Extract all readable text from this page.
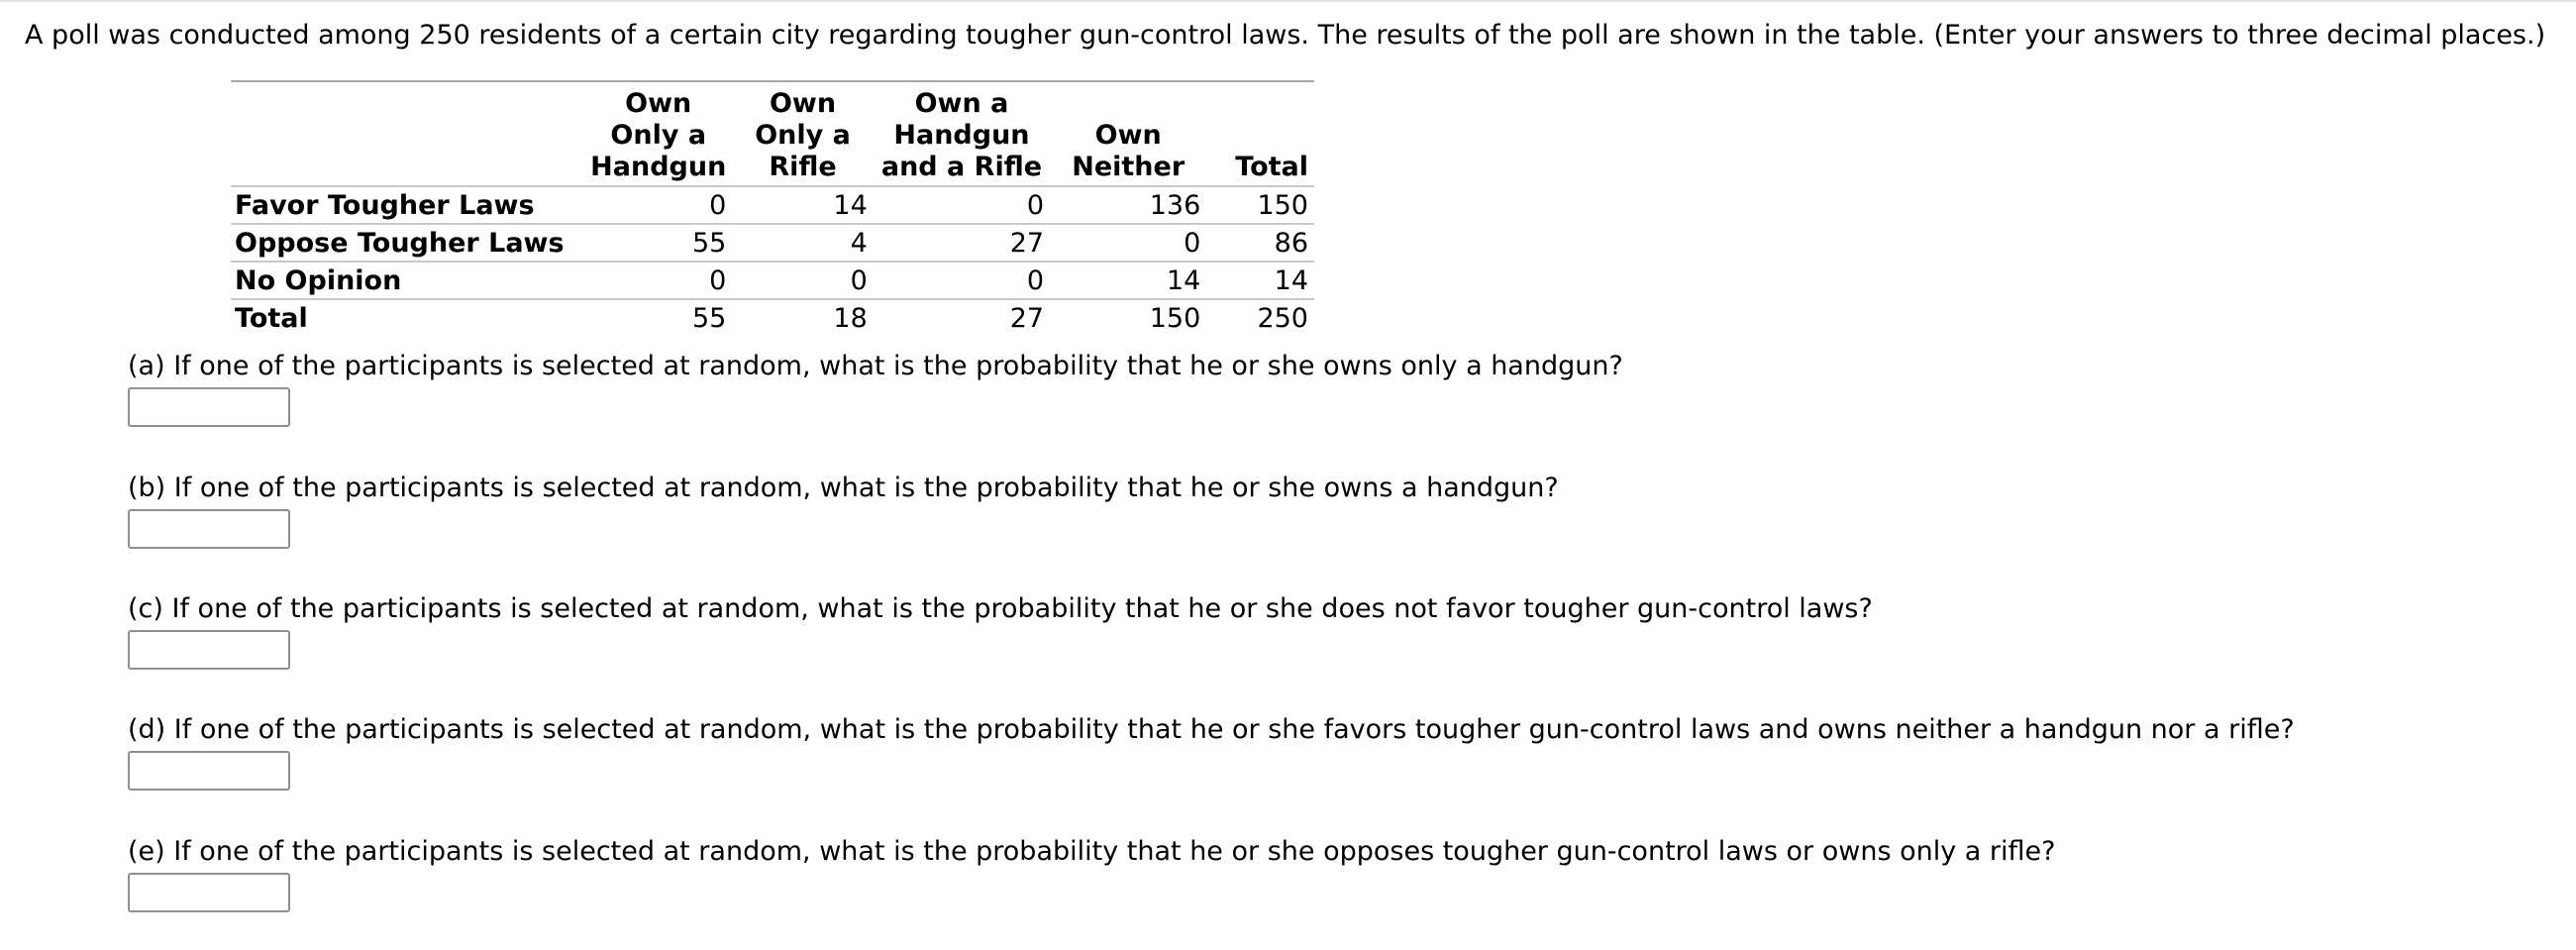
A poll was conducted among 250 residents of a certain city regarding tougher gun-control laws. The results of the poll are shown in the table. (Enter your answers to three decimal places.)
	Own
Only a
Handgun	Own
Only a
Rifle	Own a
Handgun
and a Rifle	Own
Neither	Total
Favor Tougher Laws	0	14	0	136	150
Oppose Tougher Laws	55	4	27	0	86
No Opinion	0	0	0	14	14
Total	55	18	27	150	250
(a) If one of the participants is selected at random, what is the probability that he or she owns only a handgun?
(b) If one of the participants is selected at random, what is the probability that he or she owns a handgun?
(c) If one of the participants is selected at random, what is the probability that he or she does not favor tougher gun-control laws?
(d) If one of the participants is selected at random, what is the probability that he or she favors tougher gun-control laws and owns neither a handgun nor a rifle?
(e) If one of the participants is selected at random, what is the probability that he or she opposes tougher gun-control laws or owns only a rifle?
